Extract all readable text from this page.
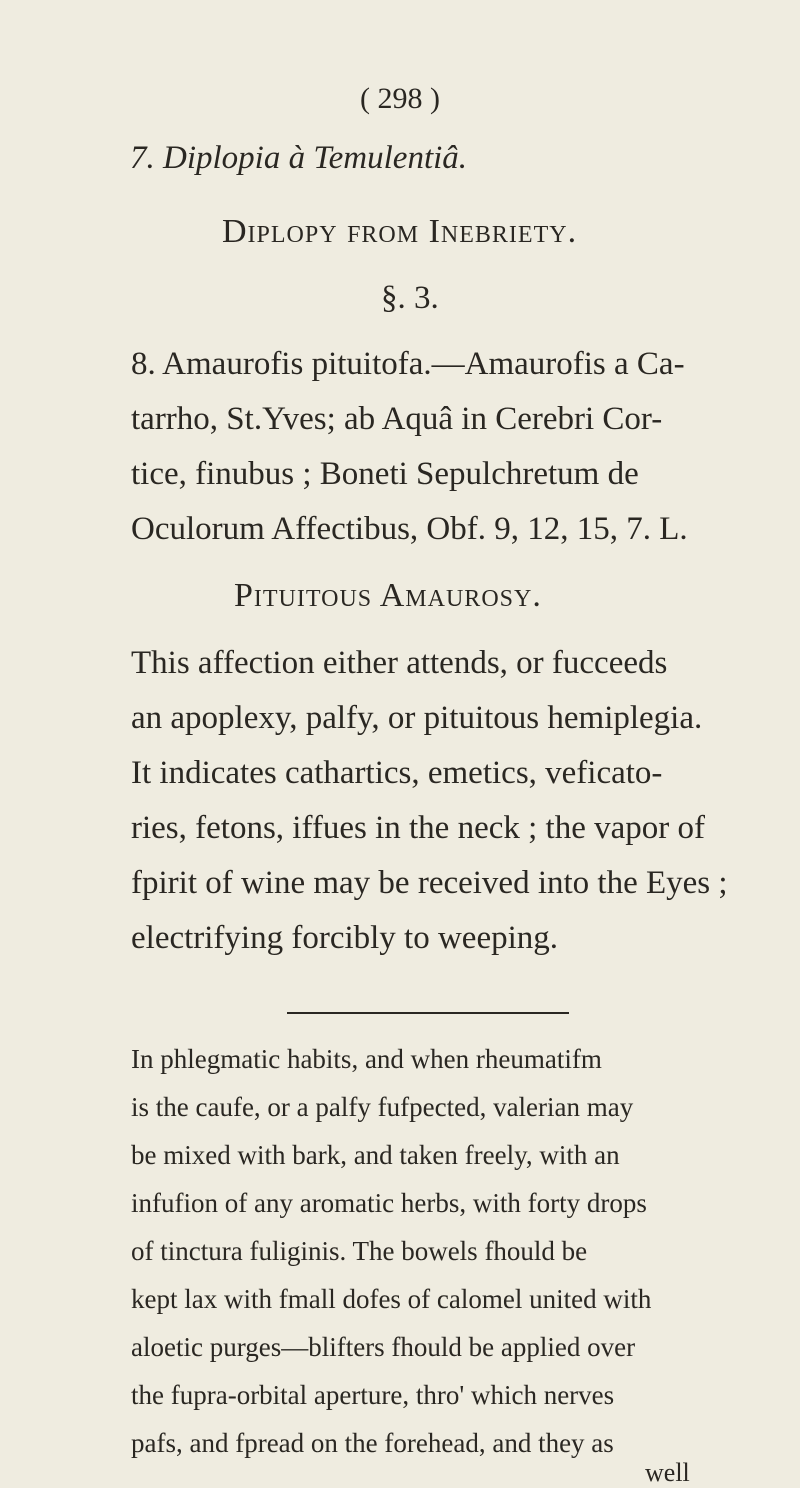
( 298 )
7. Diplopia à Temulentiâ.
Diplopy from Inebriety.
§. 3.
8. Amaurofis pituitofa.—Amaurofis a Ca-
tarrho, St.Yves; ab Aquâ in Cerebri Cor-
tice, finubus ; Boneti Sepulchretum de
Oculorum Affectibus, Obf. 9, 12, 15, 7. L.
Pituitous Amaurosy.
This affection either attends, or fucceeds
an apoplexy, palfy, or pituitous hemiplegia.
It indicates cathartics, emetics, veficato-
ries, fetons, iffues in the neck ; the vapor of
fpirit of wine may be received into the Eyes ;
electrifying forcibly to weeping.
In phlegmatic habits, and when rheumatifm
is the caufe, or a palfy fufpected, valerian may
be mixed with bark, and taken freely, with an
infufion of any aromatic herbs, with forty drops
of tinctura fuliginis. The bowels fhould be
kept lax with fmall dofes of calomel united with
aloetic purges—blifters fhould be applied over
the fupra-orbital aperture, thro' which nerves
pafs, and fpread on the forehead, and they as
well
